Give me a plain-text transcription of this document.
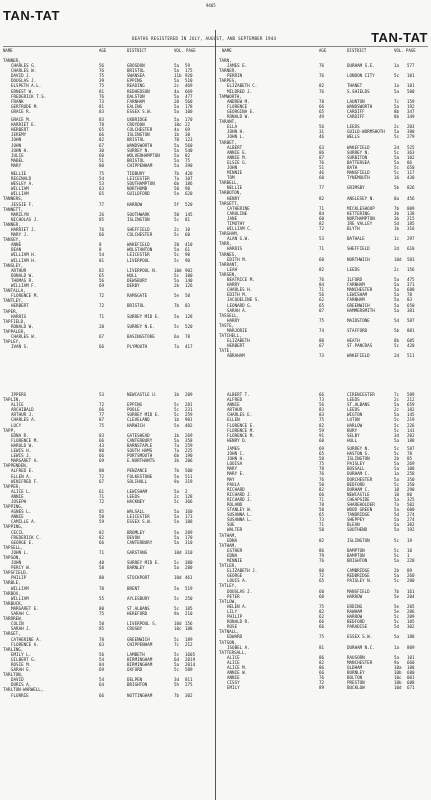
TAN-TAT
9465
DEATHS REGISTERED IN JULY, AUGUST, AND SEPTEMBER 1944	TAN-TAT
NAME	AGE	DISTRICT	VOL. PAGE	NAME	AGE	DISTRICT	VOL. PAGE
TANNER,
CHARLES G.	56	GROSDON	5a 59
CHARLES W.	76	BRISTOL	5a 175
DAVID J.	75	SWANSEA	11b 920
DOUGLAS J.	39	EPPING	5a 510
ELSPETH A.L.	75	READING	2c 469
ERNEST W.	81	REDHEDSON	4a 669
FREDERICK T.S.	76	DALSTON	5a 477
FRANK	73	FARNHAM	20 560
GERTRUDE M.	81	EALING	5a 178
GRACE R.	83	ESSEX S.W.	5a 100
GRACE M.	83	UXBRIDGE	5a 170
HARRIET E.	78	CROYDON	10c 22
HERBERT	65	COLCHESTER	4a 69
JEREMY	66	ISLINGTON	1b 30
JOHN	82	BRISTOL	70 123
JOHN	67	WANDSWORTH	5a 560
JOHN H.	30	SURREY N.	5a 540
JULIE	60	WOLVERHAMPTON	5a 82
MABEL	51	BRISTOL	5a 75
MARY	80	CHIPPENHAM	5a 390
NELLIE	75	TIDBURY	7b 420
REGINALD	54	LEICESTER	7a 107
WESLEY A.	53	SOUTHAMPTON	6b 186
WILLIAM	63	NORTHUMB	50 98
WILLIAM	65	GUILDFORD	5a 620
TANNERS,
JESSIE F.	77	HARROW	5f 520
TANNETT,
MARILYN	26	SOUTHWARK	50 145
NICHOLAS J.	85	ISLINGTON	5c 81
TANNER,
HARRIET J.	76	SHEFFIELD	2c 10
MARY J.	66	COLCHESTER	5c 60
TANSEY,
ANNE	8	WAKEFIELD	20 410
DEAN	8	WOLSTANTON	5a 61
WILLIAM H.	54	LEICESTER	5c 90
WILLIAM H.	81	LIVERPOOL	5c 90
TANSLEY,
ARTHUR	82	LIVERPOOL N.	10d 902
DONALD W.	65	HULL	5c 100
THOMAS R.	56	DEWSBURY	5a 140
WILLIAM F.	69	DERBY	2b 126
TANTALLA,
FLORENCE M.	72	RAMSGATE	5e 50
TANTLEY,
HERBERT	72	BRISTOL	7b 83
TAPER,
HARRIS	71	SURREY MID E.	5a 128
TAPFIELD,
RONALD W.	20	SURREY N.E.	5c 520
TAPPALER,
CHARLES W.	67	BASINGSTOKE	6a 78
TAPLEY,
IVAN S.	66	PLYMOUTH	7a 417
TARN,
JAMES E.	76	DURHAM S.E.	1a 577
TARNER,
PERRIN	76	LONDON CITY	5c 101
TARPES,
ELIZABETH C.	82	THANET	1a 101
MILDRED J.	76	S.SHIELDS	5a 580
TAMWORTH,
ANDREW M.	78	LAUNTON	7c 159
FLORENCE	66	WANDSWORTH	5a 192
GEORGINA E.	65	CARDIFF	8b 347
RONALD W.	49	CARDIFF	8b 349
TARANT,
ELLA	56	LEEDS	2c 203
JOHN H.	31	GUILD-WORMSHOTH 5a 380
JOHN L.	46	WELLS	5c 279
TARBET,
ALBERT	63	WAKEFIELD	2d 525
ANNIE E.	86	SURREY N.	5c 363
ANNIE M.	87	SURBITON	5a 102
ELSIE G.	76	BATTERSEA	5a 86
JOHN	51	BATH	5c 650
MINNIE	46	MANSFIELD	5c 117
TOM	60	TYNEMOUTH	16 430
TARBELL,
NELLIE	77	GRIMSBY	5b 826
TARBOTON,
HENRY	82	ANGLESEY N.	8a 456
TARGETT,
CATHERINE	71	MICKLESHOOP	7b 809
CAROLINE	84	KETTERING	3b 138
JANE	60	NORTHAMPTON	3b 215
TIMOTHY	82	IRE VALLEY	5d 185
WILLIAM C.	72	BLYTH	1b 316
TARGHAM,
ALAN G.W.	53	BATHALE	1c 297
TARR,
HARRIS	71	SHEFFIELD	2d 610
TARNES,
EDITH M.	60	NORTHWICH	10d 583
TARRANT,
LEAH	82	LEEDS	2c 156
TARSEN,
BEATRICE M.	76	ILFORD	5a 475
HARRY	84	FARNHAM	5a 371
CHARLES H.	71	MANCHESTER	5a 680
EDITH M.	56	LEWISHAM	5a 78
JACQUELINE S.	62	FARNHAM	5a 83
LEONARD G.	65	GREENWICH	5a 650
SARAH A.	87	HAMMERSMITH	5a 381
TASSELL,
HARRY	75	MAIDSTONE	5d 587
TASTE,
MARJORIE	74	STAFFORD	5b 881
TATCHELL,
ELIZABETH	80	HEATH	8b 605
HERBERT	67	ST.PANCRAS	5c 420
TATE,
ABRAHAM	73	WAKEFIELD	2d 511
IPPERS	53	NEWCASTLE U.	1b 209
TAPLIN,
ALICE	72	EPPING	5c 281
ARCHIBALD	66	POOLE	5c 231
ARTHUR J.	77	SURREY MID E.	5c 259
CHARLES A.	87	CLEVELAND	1b 901
LUCY	75	HARWICH	5a 402
TAPP,
EDNA R.	83	GATESHEAD	1b 269
FLORENCE M.	66	CANTERBURY	5a 358
HAROLD W.	43	BARNSTAPLE	7a 259
LEWIS H.	80	SOUTH HAMS	7a 225
LEWIS J.	66	PORTSMOUTH	6b 190
MARGARET A.	69	E.NORTHANTS	3b 206
TAPPENDEN,
ALFRED E.	80	PENZANCE	7b 500
ELLEN A.	72	FOLKESTONE	5a 511
WINIFRED F.	67	SOLIHULL	9a 319
TAPPER,
ALICE L.	61	LEWISHAM	5a 2
ANNIE	71	LEEDS	2c 128
JOSEPH	72	HACKNEY	5c 366
TAPPING,
AGNES L.	85	WALSALL	5a 160
ANNIE	58	LEICESTER	5a 173
CAMILLE A.	59	ESSEX S.W.	5a 188
TAPPING,
CECIL	82	BROMLEY	5a 209
FREDERICK C.	82	DEVON	5a 170
GEORGE E.	66	CANTERBURY	5a 310
TAPSELL,
JOHN L.	71	GARSTANG	10d 310
TAPSON,
JOHN	40	SURREY MID E.	5c 380
PERCY W.	58	BARNLEY	5a 280
TAPSFIELD,
PHILIP	80	STOCKPORT	10d 461
TARBLE,
WILLIAM	70	BRENT	5a 519
TARBOX,
WILLIAM	55	AYLESBURY	5c 250
TARBUCK,
MARGARET E.	80	ST.ALBANS	5c 185
SARAH C.	75	HEREFORD	9a 210
TARDREW,
COLIN	50	LIVERPOOL S.	10d 156
SARAH J.	85	CROSBY	10c 188
TARGET,
CATHERINE A.	78	GREENWICH	5c 189
FLORENCE A.	63	CHIPPENHAM	7c 212
TARLING,
EMILY L.	56	LAMBETH	5c 1605
GILBERT G.	54	BIRMINGHAM	6d 2019
ROSIE M.	84	BIRMINGHAM	5a 2014
SARAH E.	69	OXFORD	5c 589
TARLTON,
DAVID	54	DELPEN	3d 811
DORIS A.	64	BRIGHTON	5h 275
TARLTON-WARWELL,
FLORRIE	66	NOTTINGHAM	7b 302
ALBERT T.	66	CIRENCESTER	7c 589
ALFRED	73	LEEDS	2c 212
ANNIE	56	ST.ALBANS	5a 659
ARTHUR	83	LEEDS	2c 182
CHARLES E.	83	WIGTON	5a 145
ELLEN	75	LUTON	5c 219
FLORENCE E.	82	HARLOW	5c 226
FLORENCE M.	59	BURY	5c 141
FLORENCE M.	91	SELBY	3d 202
HENRY D.	60	HULL	5a 188
JAMES	69	SURREY N.	5c 587
JOHN C.	65	HASTON S.	5c 78
JOHN H.	58	ISLINGTON	2b 85
LOUISA	75	PAISLEY	5a 269
MARY	78	BOSSALL	5a 108
MARY E.	76	DURHAM C.	1a 258
MAY	76	DORCHESTER	5a 350
PAULA	50	BEDFORD	5c 350
RICHARD	82	DURHAM C.	10 290
RICHARD J.	66	NEWCASTLE	10 80
RICHARD J.	71	CHEAPSIDE	5a 325
ROLAND	78	SHAREHOLDER	7a 502
STANLEY W.	50	WOOD GREEN	5a 600
SUSANNA L.	65	TANDRIDGE	5d 274
SUSANNA L.	73	SHEPPEY	5a 274
SUE	71	BLEAN	5a 302
WALTER	50	SOUTHEND	5a 192
TATHAM,
EDNA	82	ISLINGTON	5c 19
TATHAM,
ESTHER	86	BAMPTON	5c 10
EDNA	79	BAMPTON	5c 1
MINNIE	76	BRIGHTON	5a 220
TATLER,
ELIZABETH J.	80	CAMBRIDGE	2b 89
GEORGE	72	REDBRIDGE	5a 260
LOUIS A.	65	PAISLEY N.	5c 280
TATLEY,
DOUGLAS J.	60	MANSFIELD	7b 161
PETER	60	HARROW	5e 204
TATLOW,
HELEN A.	75	ERDING	5e 205
LILY	82	RAWHAM	5e 286
PHILIP	62	HARROW	5c 209
RONALD R.	66	BEDFORD	5c 105
ROSE	66	PARADISE	5d 302
TATNALL,
EDWARD	75	ESSEX S.W.	5a 188
TATSON,
ISOBEL A.	81	DURHAM N.C.	1a 809
TATTERSALL,
ALICE	86	RAUSORN	5a 101
ALICE	82	MANCHESTER	9a 660
ALICE M.	86	OLDHAM	10a 108
ANNIE W.	66	BURNLEY	10b 680
ANNIE	76	BOLTON	10c 801
CISSY	72	PRESTON	10b 608
EMILY	89	BUCKLOW	10d 671
